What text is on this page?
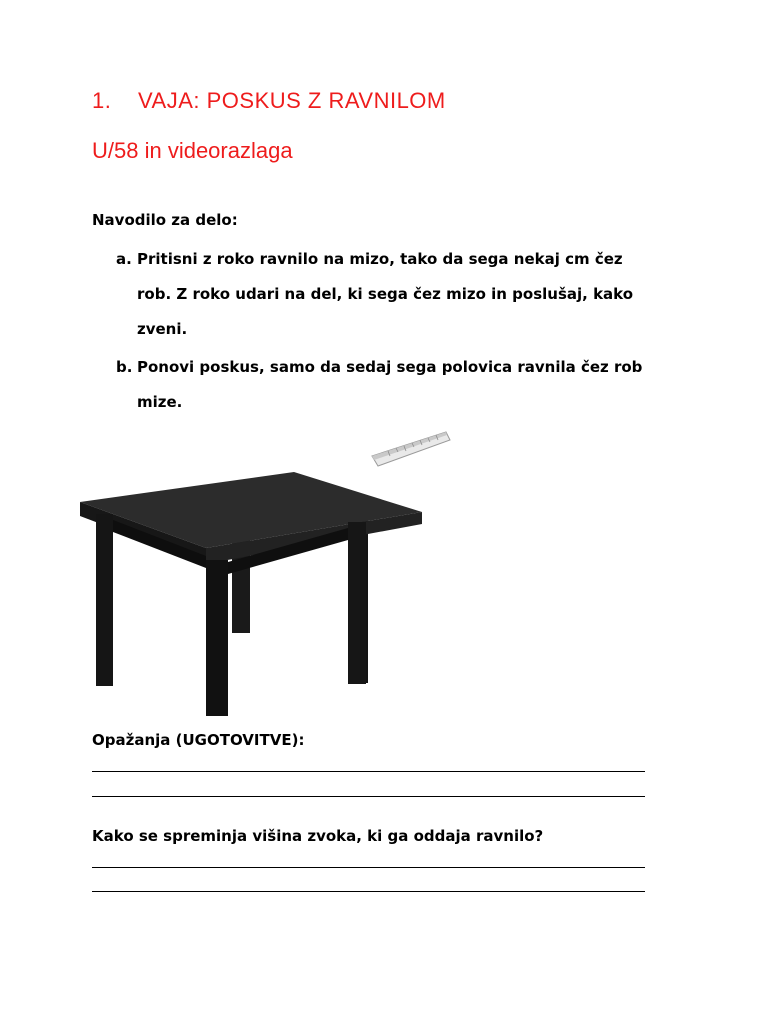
1. VAJA: POSKUS Z RAVNILOM
U/58 in videorazlaga
Navodilo za delo:
a. Pritisni z roko ravnilo na mizo, tako da sega nekaj cm čez
rob. Z roko udari na del, ki sega čez mizo in poslušaj, kako
zveni.
b. Ponovi poskus, samo da sedaj sega polovica ravnila čez rob
mize.
Opažanja (UGOTOVITVE):
Kako se spreminja višina zvoka, ki ga oddaja ravnilo?
